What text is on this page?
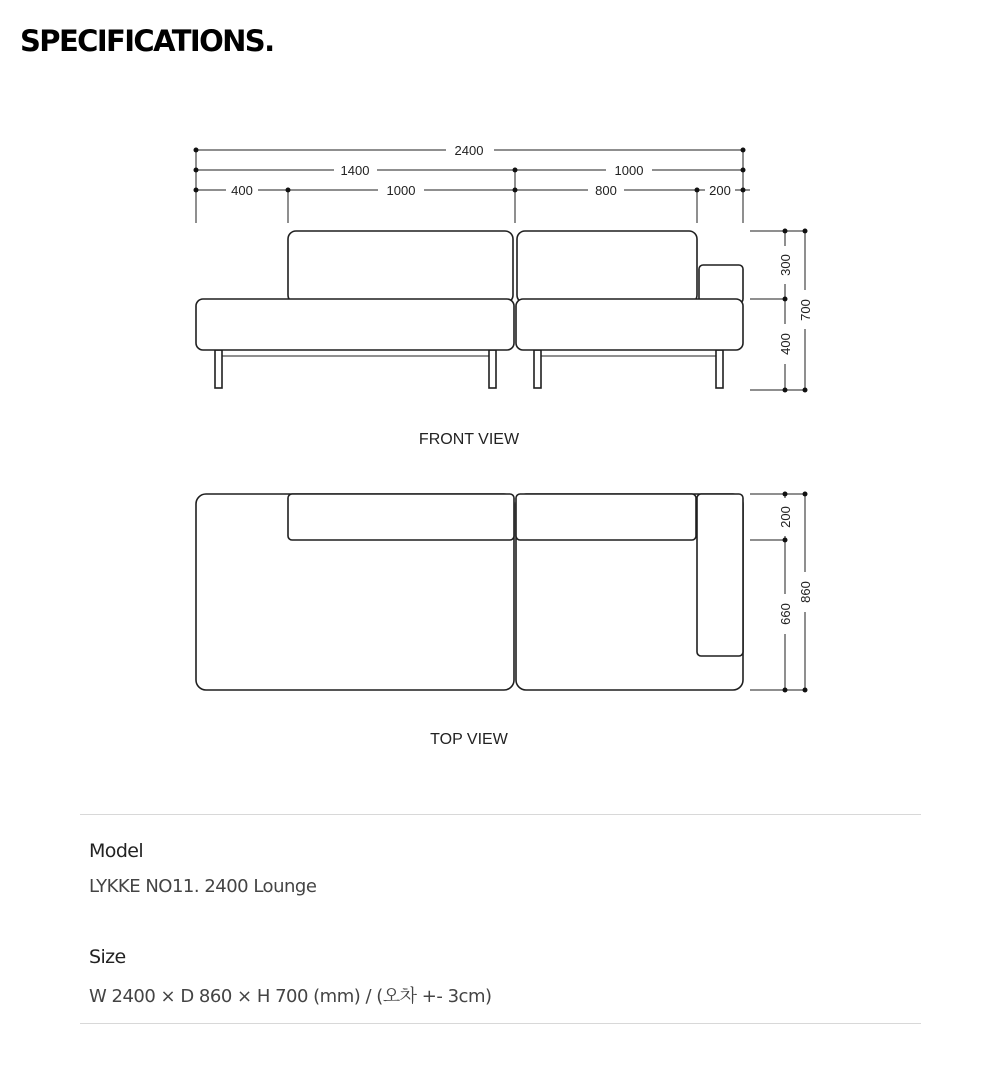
SPECIFICATIONS.
2400
1400	1000
400	1000	800	200
300
400
700
FRONT VIEW
200
660
860
TOP VIEW
Model
LYKKE NO11. 2400 Lounge
Size
W 2400 × D 860 × H 700 (mm) / (오차 +- 3cm)
